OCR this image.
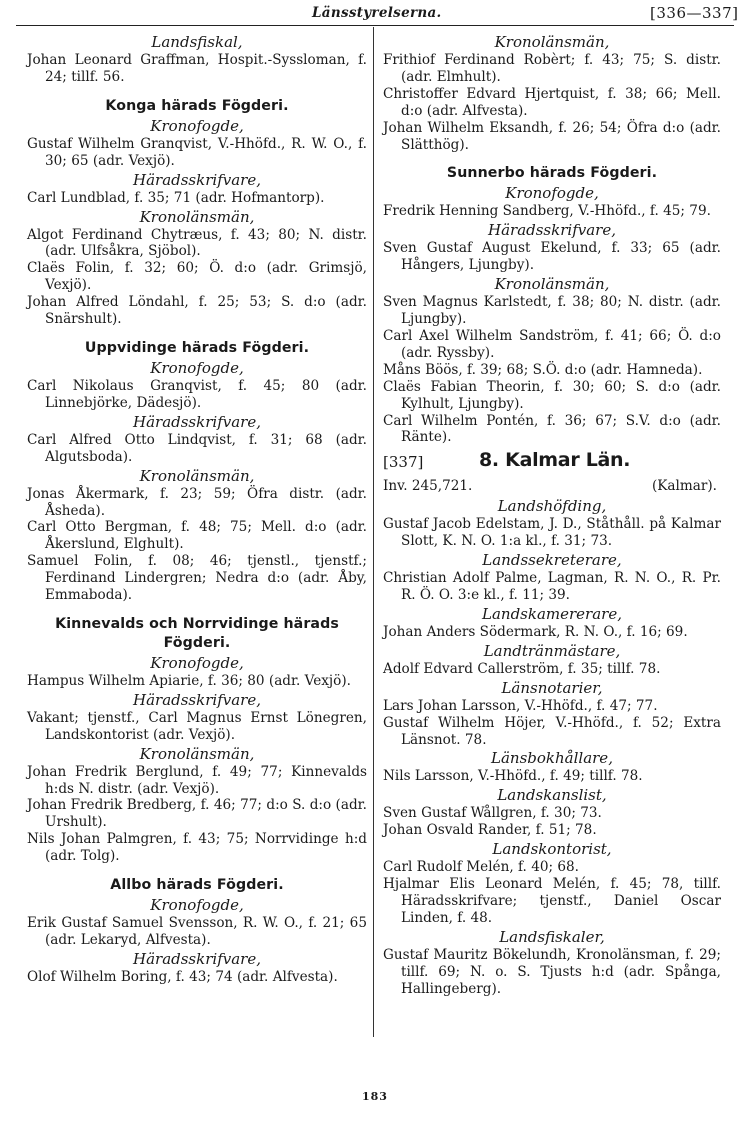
Länsstyrelserna.	[336—337]

Landsfiskal,

Johan Leonard Graffman, Hospit.-Syssloman, f. 24; tillf. 56.

Konga härads Fögderi.

Kronofogde,

Gustaf Wilhelm Granqvist, V.-Hhöfd., R. W. O., f. 30; 65 (adr. Vexjö).

Häradsskrifvare,

Carl Lundblad, f. 35; 71 (adr. Hofmantorp).

Kronolänsmän,

Algot Ferdinand Chytræus, f. 43; 80; N. distr. (adr. Ulfsåkra, Sjöbol).

Claës Folin, f. 32; 60; Ö. d:o (adr. Grimsjö, Vexjö).

Johan Alfred Löndahl, f. 25; 53; S. d:o (adr. Snärshult).

Uppvidinge härads Fögderi.

Kronofogde,

Carl Nikolaus Granqvist, f. 45; 80 (adr. Linnebjörke, Dädesjö).

Häradsskrifvare,

Carl Alfred Otto Lindqvist, f. 31; 68 (adr. Algutsboda).

Kronolänsmän,

Jonas Åkermark, f. 23; 59; Öfra distr. (adr. Åsheda).

Carl Otto Bergman, f. 48; 75; Mell. d:o (adr. Åkerslund, Elghult).

Samuel Folin, f. 08; 46; tjenstl., tjenstf.; Ferdinand Lindergren; Nedra d:o (adr. Åby, Emmaboda).

Kinnevalds och Norrvidinge härads Fögderi.

Kronofogde,

Hampus Wilhelm Apiarie, f. 36; 80 (adr. Vexjö).

Häradsskrifvare,

Vakant; tjenstf., Carl Magnus Ernst Lönegren, Landskontorist (adr. Vexjö).

Kronolänsmän,

Johan Fredrik Berglund, f. 49; 77; Kinnevalds h:ds N. distr. (adr. Vexjö).

Johan Fredrik Bredberg, f. 46; 77; d:o S. d:o (adr. Urshult).

Nils Johan Palmgren, f. 43; 75; Norrvidinge h:d (adr. Tolg).

Allbo härads Fögderi.

Kronofogde,

Erik Gustaf Samuel Svensson, R. W. O., f. 21; 65 (adr. Lekaryd, Alfvesta).

Häradsskrifvare,

Olof Wilhelm Boring, f. 43; 74 (adr. Alfvesta).

Kronolänsmän,

Frithiof Ferdinand Robèrt; f. 43; 75; S. distr. (adr. Elmhult).

Christoffer Edvard Hjertquist, f. 38; 66; Mell. d:o (adr. Alfvesta).

Johan Wilhelm Eksandh, f. 26; 54; Öfra d:o (adr. Slätthög).

Sunnerbo härads Fögderi.

Kronofogde,

Fredrik Henning Sandberg, V.-Hhöfd., f. 45; 79.

Häradsskrifvare,

Sven Gustaf August Ekelund, f. 33; 65 (adr. Hångers, Ljungby).

Kronolänsmän,

Sven Magnus Karlstedt, f. 38; 80; N. distr. (adr. Ljungby).

Carl Axel Wilhelm Sandström, f. 41; 66; Ö. d:o (adr. Ryssby).

Måns Böös, f. 39; 68; S.Ö. d:o (adr. Hamneda).

Claës Fabian Theorin, f. 30; 60; S. d:o (adr. Kylhult, Ljungby).

Carl Wilhelm Pontén, f. 36; 67; S.V. d:o (adr. Ränte).

[337]	8. Kalmar Län.
Inv. 245,721.	(Kalmar).

Landshöfding,

Gustaf Jacob Edelstam, J. D., Ståthåll. på Kalmar Slott, K. N. O. 1:a kl., f. 31; 73.

Landssekreterare,

Christian Adolf Palme, Lagman, R. N. O., R. Pr. R. Ö. O. 3:e kl., f. 11; 39.

Landskamererare,

Johan Anders Södermark, R. N. O., f. 16; 69.

Landtränmästare,

Adolf Edvard Callerström, f. 35; tillf. 78.

Länsnotarier,

Lars Johan Larsson, V.-Hhöfd., f. 47; 77.

Gustaf Wilhelm Höjer, V.-Hhöfd., f. 52; Extra Länsnot. 78.

Länsbokhållare,

Nils Larsson, V.-Hhöfd., f. 49; tillf. 78.

Landskanslist,

Sven Gustaf Wållgren, f. 30; 73.

Johan Osvald Rander, f. 51; 78.

Landskontorist,

Carl Rudolf Melén, f. 40; 68.

Hjalmar Elis Leonard Melén, f. 45; 78, tillf. Häradsskrifvare; tjenstf., Daniel Oscar Linden, f. 48.

Landsfiskaler,

Gustaf Mauritz Bökelundh, Kronolänsman, f. 29; tillf. 69; N. o. S. Tjusts h:d (adr. Spånga, Hallingeberg).

183
